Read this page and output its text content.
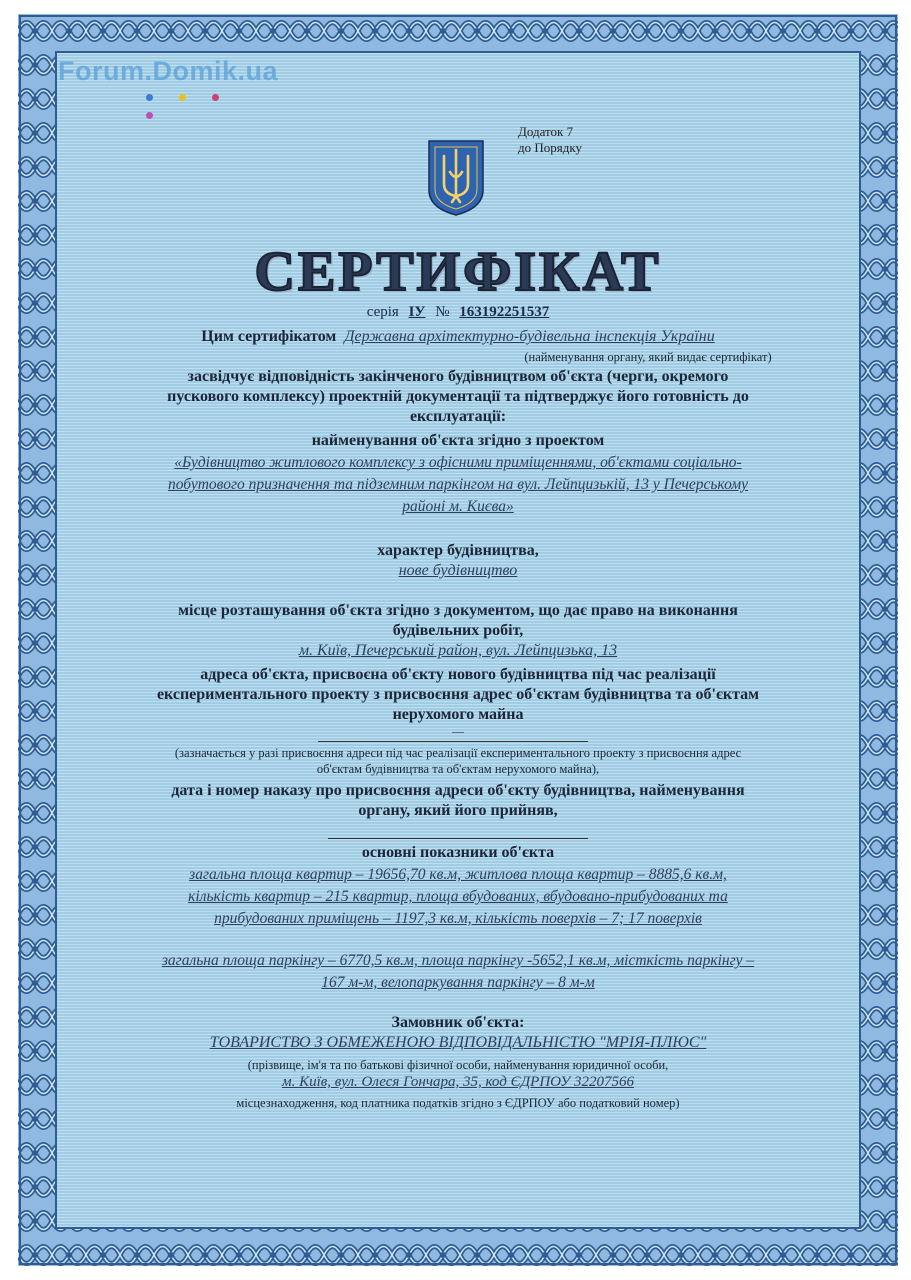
Forum.Domik.ua
Додаток 7
до Порядку
СЕРТИФІКАТ
серія ІУ № 163192251537
Цим сертифікатом Державна архітектурно-будівельна інспекція України
(найменування органу, який видає сертифікат)
засвідчує відповідність закінченого будівництвом об'єкта (черги, окремого
пускового комплексу) проектній документації та підтверджує його готовність до
експлуатації:
найменування об'єкта згідно з проектом
«Будівництво житлового комплексу з офісними приміщеннями, об'єктами соціально-
побутового призначення та підземним паркінгом на вул. Лейпцизькій, 13 у Печерському
районі м. Києва»
характер будівництва,
нове будівництво
місце розташування об'єкта згідно з документом, що дає право на виконання
будівельних робіт,
м. Київ, Печерський район, вул. Лейпцизька, 13
адреса об'єкта, присвоєна об'єкту нового будівництва під час реалізації
експериментального проекту з присвоєння адрес об'єктам будівництва та об'єктам
нерухомого майна
—
(зазначається у разі присвоєння адреси під час реалізації експериментального проекту з присвоєння адрес
об'єктам будівництва та об'єктам нерухомого майна),
дата і номер наказу про присвоєння адреси об'єкту будівництва, найменування
органу, який його прийняв,
основні показники об'єкта
загальна площа квартир – 19656,70 кв.м, житлова площа квартир – 8885,6 кв.м,
кількість квартир – 215 квартир, площа вбудованих, вбудовано-прибудованих та
прибудованих приміщень – 1197,3 кв.м, кількість поверхів – 7; 17 поверхів
загальна площа паркінгу – 6770,5 кв.м, площа паркінгу -5652,1 кв.м, місткість паркінгу –
167 м-м, велопаркування паркінгу – 8 м-м
Замовник об'єкта:
ТОВАРИСТВО З ОБМЕЖЕНОЮ ВІДПОВІДАЛЬНІСТЮ "МРІЯ-ПЛЮС"
(прізвище, ім'я та по батькові фізичної особи, найменування юридичної особи,
м. Київ, вул. Олеся Гончара, 35, код ЄДРПОУ 32207566
місцезнаходження, код платника податків згідно з ЄДРПОУ або податковий номер)
